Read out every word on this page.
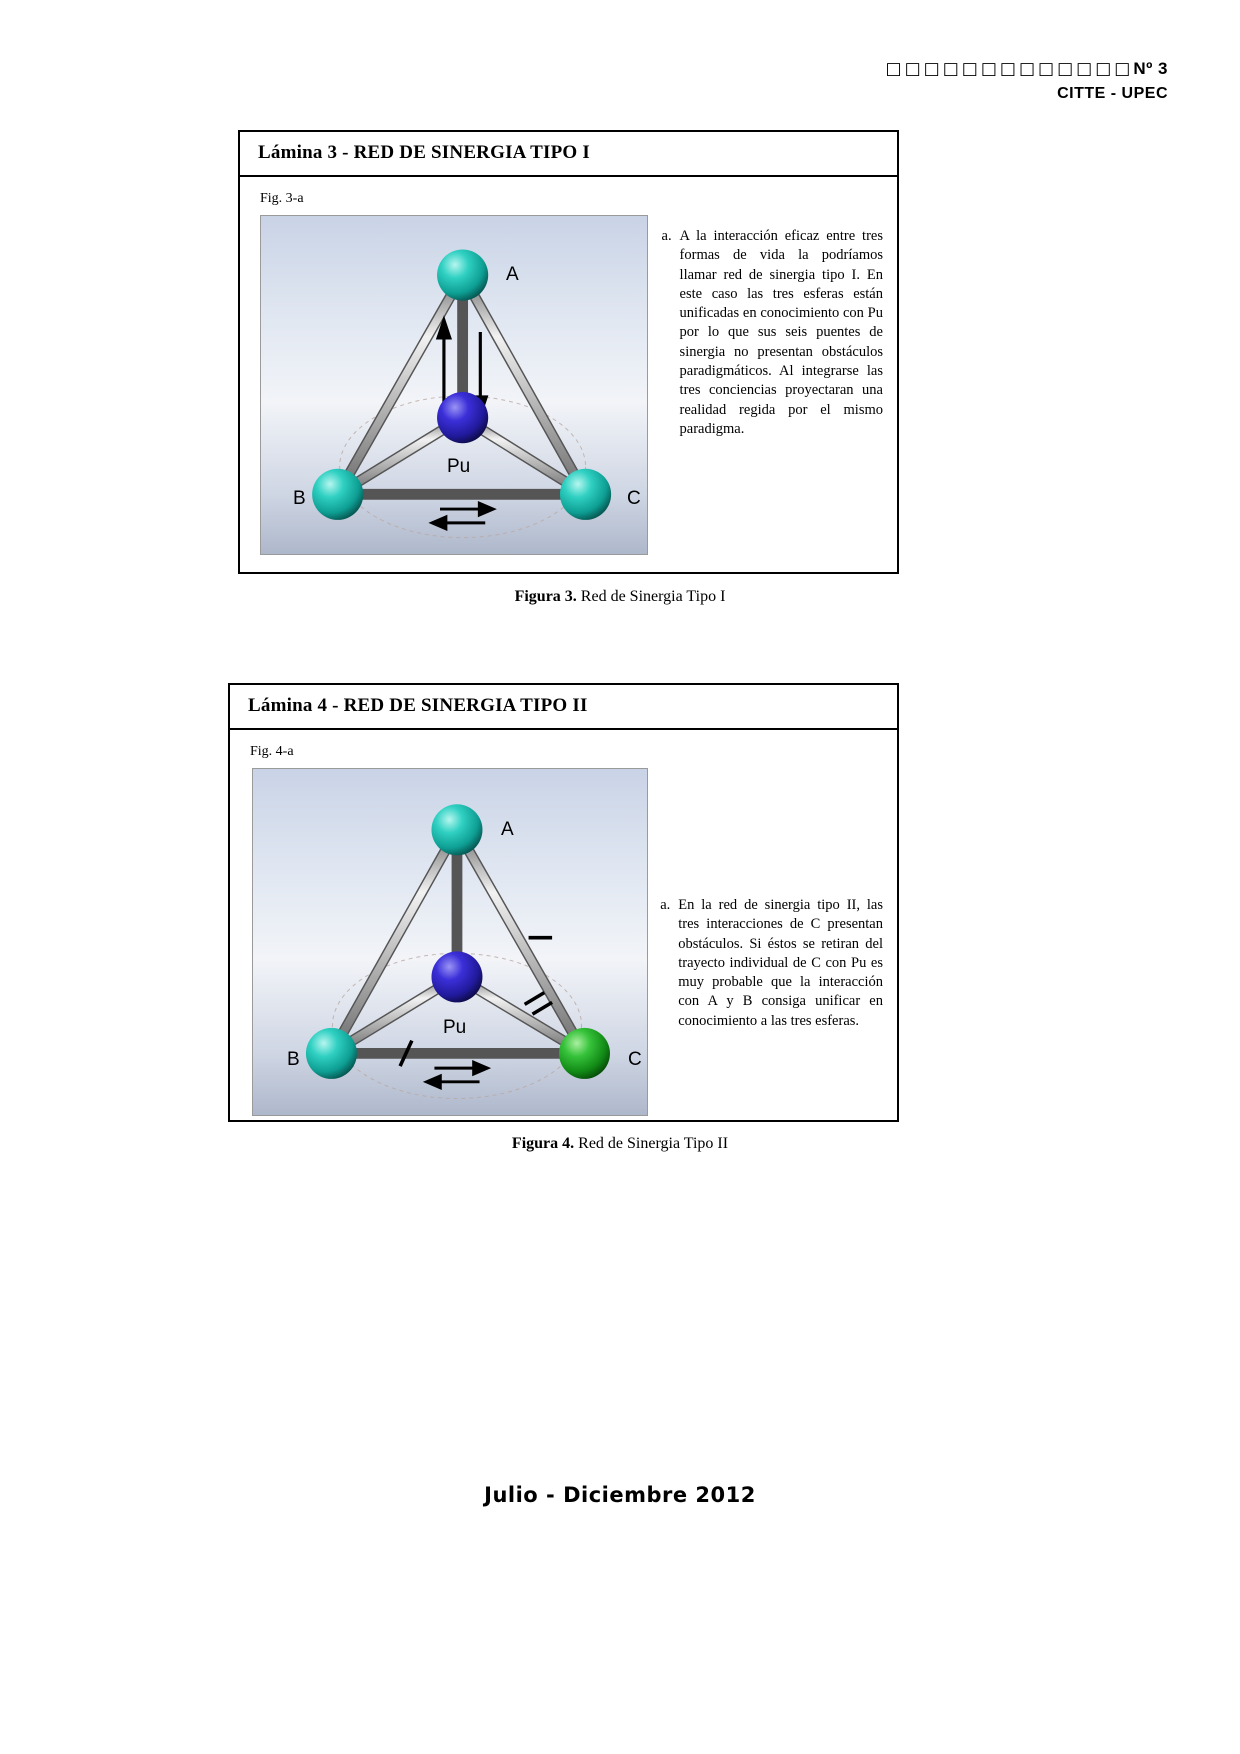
□□□□□□□□□□□□□Nº 3
CITTE - UPEC
Lámina 3 - RED DE SINERGIA TIPO I
Fig. 3-a
A
B	C
Pu
a. A la interacción eficaz entre tres formas de vida la podríamos llamar red de sinergia tipo I. En este caso las tres esferas están unificadas en conocimiento con Pu por lo que sus seis puentes de sinergia no presentan obstáculos paradigmáticos. Al integrarse las tres conciencias proyectaran una realidad regida por el mismo paradigma.
Figura 3. Red de Sinergia Tipo I
Lámina 4 - RED DE SINERGIA TIPO II
Fig. 4-a
A
B	C
Pu
a. En la red de sinergia tipo II, las tres interacciones de C presentan obstáculos. Si éstos se retiran del trayecto individual de C con Pu es muy probable que la interacción con A y B consiga unificar en conocimiento a las tres esferas.
Figura 4. Red de Sinergia Tipo II
Julio - Diciembre 2012
